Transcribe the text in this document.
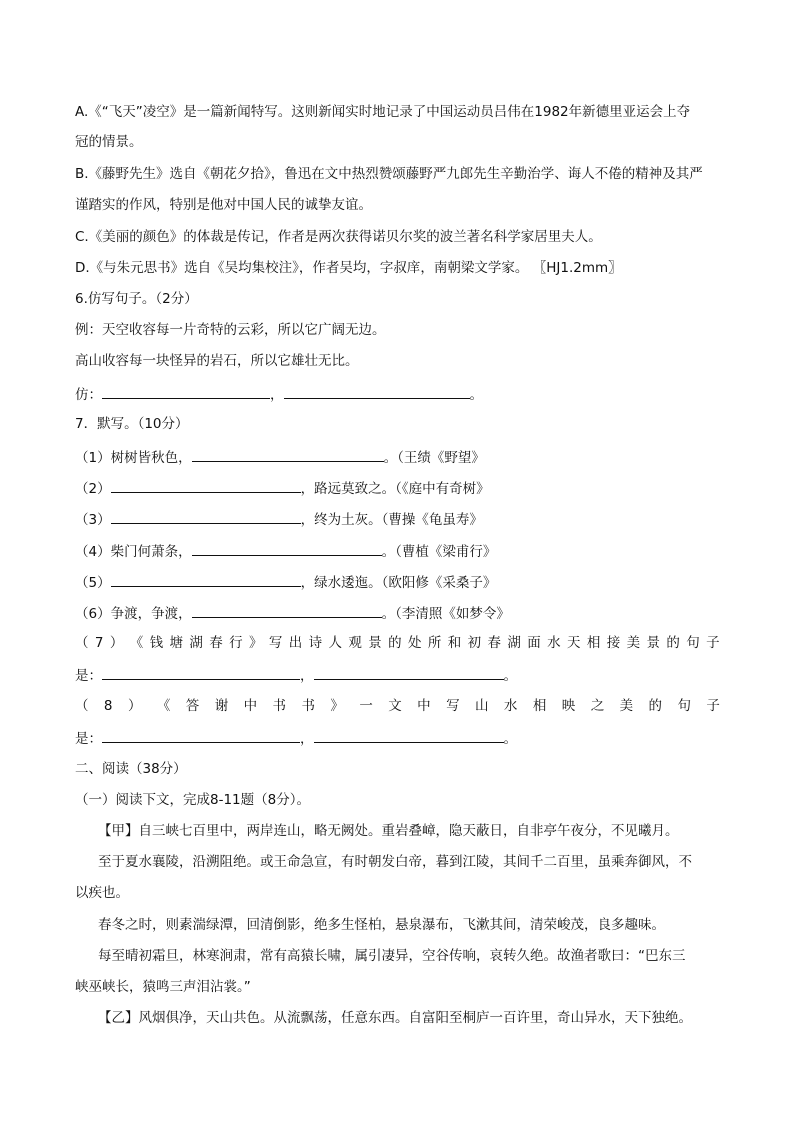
A.《“飞天”凌空》是一篇新闻特写。这则新闻实时地记录了中国运动员吕伟在1982年新德里亚运会上夺
冠的情景。
B.《藤野先生》选自《朝花夕拾》，鲁迅在文中热烈赞颂藤野严九郎先生辛勤治学、诲人不倦的精神及其严
谨踏实的作风，特别是他对中国人民的诚挚友谊。
C.《美丽的颜色》的体裁是传记，作者是两次获得诺贝尔奖的波兰著名科学家居里夫人。
D.《与朱元思书》选自《吴均集校注》，作者吴均，字叔庠，南朝梁文学家。 〖HJ1.2mm〗
6.仿写句子。（2分）
例：天空收容每一片奇特的云彩，所以它广阔无边。
高山收容每一块怪异的岩石，所以它雄壮无比。
仿：	，	。
7．默写。（10分）
（1）树树皆秋色，	。（王绩《野望》
（2）	，路远莫致之。（《庭中有奇树》
（3）	，终为土灰。（曹操《龟虽寿》
（4）柴门何萧条，	。（曹植《梁甫行》
（5）	，绿水逶迤。（欧阳修《采桑子》
（6）争渡，争渡，	。（李清照《如梦令》
（ 7 ） 《 钱 塘 湖 春 行 》 写 出 诗 人 观 景 的 处 所 和 初 春 湖 面 水 天 相 接 美 景 的 句 子
是：	，	。
（ 8 ） 《 答 谢 中 书 书 》 一 文 中 写 山 水 相 映 之 美 的 句 子
是：	，	。
二、阅读（38分）
（一）阅读下文，完成8-11题（8分）。
【甲】自三峡七百里中，两岸连山，略无阙处。重岩叠嶂，隐天蔽日，自非亭午夜分，不见曦月。
至于夏水襄陵，沿溯阻绝。或王命急宣，有时朝发白帝，暮到江陵，其间千二百里，虽乘奔御风，不
以疾也。
春冬之时，则素湍绿潭，回清倒影，绝多生怪柏，悬泉瀑布，飞漱其间，清荣峻茂，良多趣味。
每至晴初霜旦，林寒涧肃，常有高猿长啸，属引凄异，空谷传响，哀转久绝。故渔者歌曰：“巴东三
峡巫峡长，猿鸣三声泪沾裳。”
【乙】风烟俱净，天山共色。从流飘荡，任意东西。自富阳至桐庐一百许里，奇山异水，天下独绝。
